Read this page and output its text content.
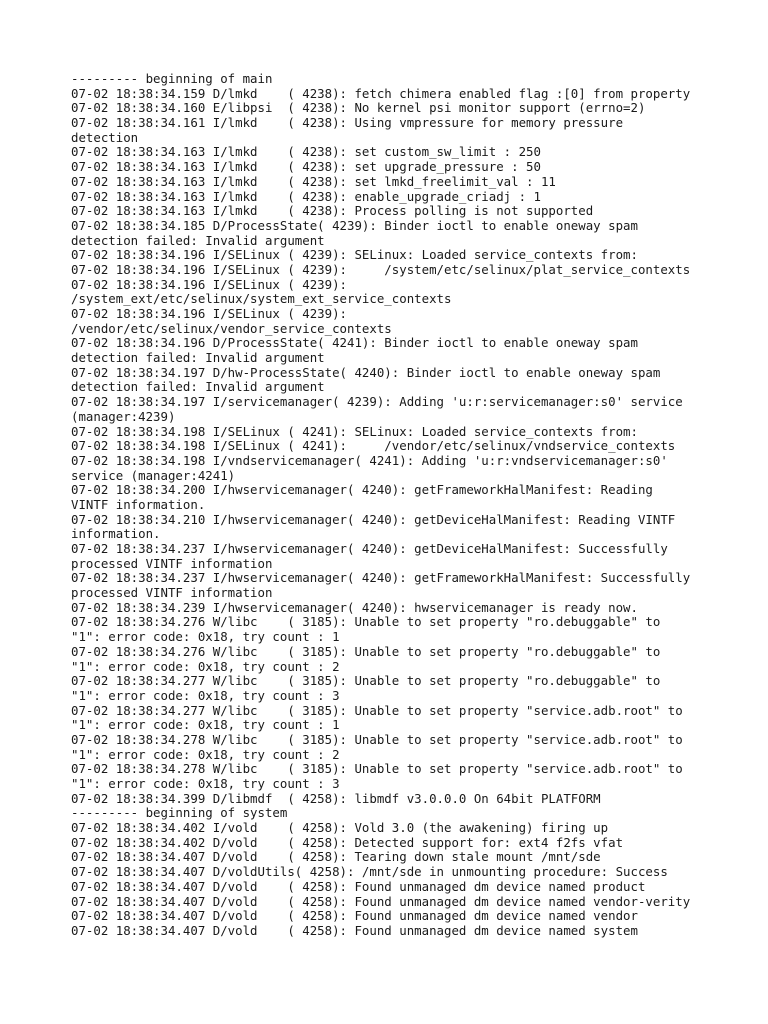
--------- beginning of main
07-02 18:38:34.159 D/lmkd    ( 4238): fetch chimera enabled flag :[0] from property
07-02 18:38:34.160 E/libpsi  ( 4238): No kernel psi monitor support (errno=2)
07-02 18:38:34.161 I/lmkd    ( 4238): Using vmpressure for memory pressure
detection
07-02 18:38:34.163 I/lmkd    ( 4238): set custom_sw_limit : 250
07-02 18:38:34.163 I/lmkd    ( 4238): set upgrade_pressure : 50
07-02 18:38:34.163 I/lmkd    ( 4238): set lmkd_freelimit_val : 11
07-02 18:38:34.163 I/lmkd    ( 4238): enable_upgrade_criadj : 1
07-02 18:38:34.163 I/lmkd    ( 4238): Process polling is not supported
07-02 18:38:34.185 D/ProcessState( 4239): Binder ioctl to enable oneway spam
detection failed: Invalid argument
07-02 18:38:34.196 I/SELinux ( 4239): SELinux: Loaded service_contexts from:
07-02 18:38:34.196 I/SELinux ( 4239):     /system/etc/selinux/plat_service_contexts
07-02 18:38:34.196 I/SELinux ( 4239):
/system_ext/etc/selinux/system_ext_service_contexts
07-02 18:38:34.196 I/SELinux ( 4239):
/vendor/etc/selinux/vendor_service_contexts
07-02 18:38:34.196 D/ProcessState( 4241): Binder ioctl to enable oneway spam
detection failed: Invalid argument
07-02 18:38:34.197 D/hw-ProcessState( 4240): Binder ioctl to enable oneway spam
detection failed: Invalid argument
07-02 18:38:34.197 I/servicemanager( 4239): Adding 'u:r:servicemanager:s0' service
(manager:4239)
07-02 18:38:34.198 I/SELinux ( 4241): SELinux: Loaded service_contexts from:
07-02 18:38:34.198 I/SELinux ( 4241):     /vendor/etc/selinux/vndservice_contexts
07-02 18:38:34.198 I/vndservicemanager( 4241): Adding 'u:r:vndservicemanager:s0'
service (manager:4241)
07-02 18:38:34.200 I/hwservicemanager( 4240): getFrameworkHalManifest: Reading
VINTF information.
07-02 18:38:34.210 I/hwservicemanager( 4240): getDeviceHalManifest: Reading VINTF
information.
07-02 18:38:34.237 I/hwservicemanager( 4240): getDeviceHalManifest: Successfully
processed VINTF information
07-02 18:38:34.237 I/hwservicemanager( 4240): getFrameworkHalManifest: Successfully
processed VINTF information
07-02 18:38:34.239 I/hwservicemanager( 4240): hwservicemanager is ready now.
07-02 18:38:34.276 W/libc    ( 3185): Unable to set property "ro.debuggable" to
"1": error code: 0x18, try count : 1
07-02 18:38:34.276 W/libc    ( 3185): Unable to set property "ro.debuggable" to
"1": error code: 0x18, try count : 2
07-02 18:38:34.277 W/libc    ( 3185): Unable to set property "ro.debuggable" to
"1": error code: 0x18, try count : 3
07-02 18:38:34.277 W/libc    ( 3185): Unable to set property "service.adb.root" to
"1": error code: 0x18, try count : 1
07-02 18:38:34.278 W/libc    ( 3185): Unable to set property "service.adb.root" to
"1": error code: 0x18, try count : 2
07-02 18:38:34.278 W/libc    ( 3185): Unable to set property "service.adb.root" to
"1": error code: 0x18, try count : 3
07-02 18:38:34.399 D/libmdf  ( 4258): libmdf v3.0.0.0 On 64bit PLATFORM
--------- beginning of system
07-02 18:38:34.402 I/vold    ( 4258): Vold 3.0 (the awakening) firing up
07-02 18:38:34.402 D/vold    ( 4258): Detected support for: ext4 f2fs vfat
07-02 18:38:34.407 D/vold    ( 4258): Tearing down stale mount /mnt/sde
07-02 18:38:34.407 D/voldUtils( 4258): /mnt/sde in unmounting procedure: Success
07-02 18:38:34.407 D/vold    ( 4258): Found unmanaged dm device named product
07-02 18:38:34.407 D/vold    ( 4258): Found unmanaged dm device named vendor-verity
07-02 18:38:34.407 D/vold    ( 4258): Found unmanaged dm device named vendor
07-02 18:38:34.407 D/vold    ( 4258): Found unmanaged dm device named system
